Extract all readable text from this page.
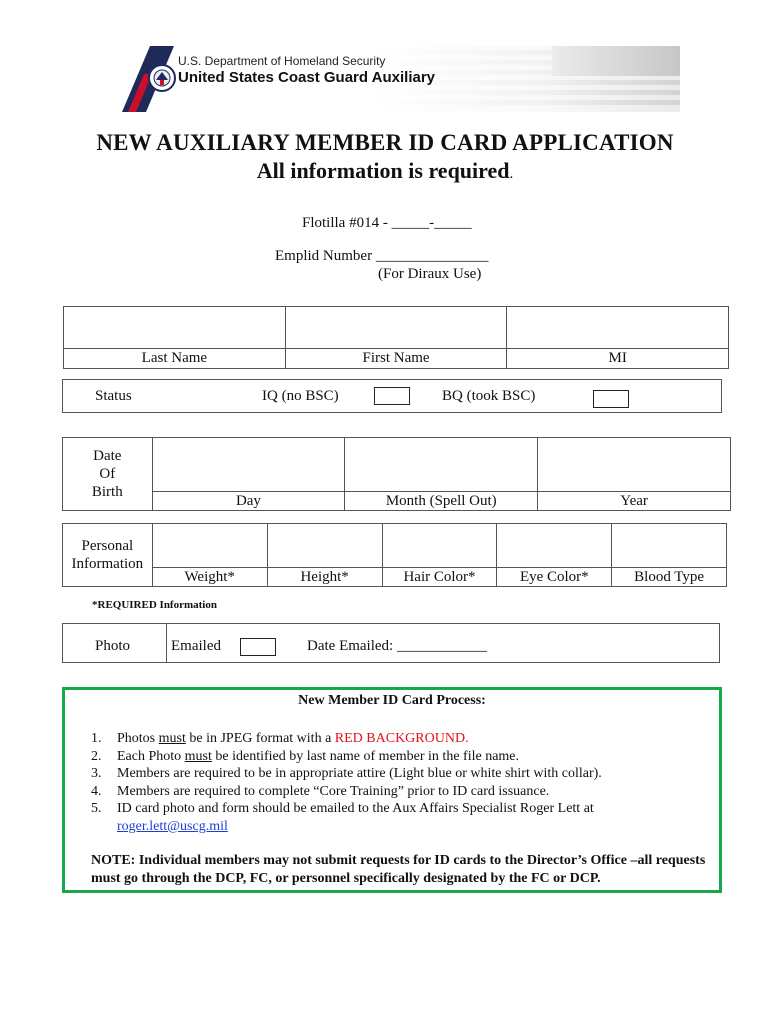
U.S. Department of Homeland Security
United States Coast Guard Auxiliary
NEW AUXILIARY MEMBER ID CARD APPLICATION
All information is required.
Flotilla #014 - _____-_____
Emplid Number _______________
(For Diraux Use)

Last Name	First Name	MI
Status	IQ (no BSC)	BQ (took BSC)
Date
Of
Birth			
	Day	Month (Spell Out)	Year
Personal
Information					
	Weight*	Height*	Hair Color*	Eye Color*	Blood Type
*REQUIRED Information
Photo	Emailed	Date Emailed: ____________
New Member ID Card Process:
1.	Photos must be in JPEG format with a RED BACKGROUND.
2.	Each Photo must be identified by last name of member in the file name.
3.	Members are required to be in appropriate attire (Light blue or white shirt with collar).
4.	Members are required to complete “Core Training” prior to ID card issuance.
5.	ID card photo and form should be emailed to the Aux Affairs Specialist Roger Lett at
roger.lett@uscg.mil
NOTE: Individual members may not submit requests for ID cards to the Director’s Office –all requests must go through the DCP, FC, or personnel specifically designated by the FC or DCP.
